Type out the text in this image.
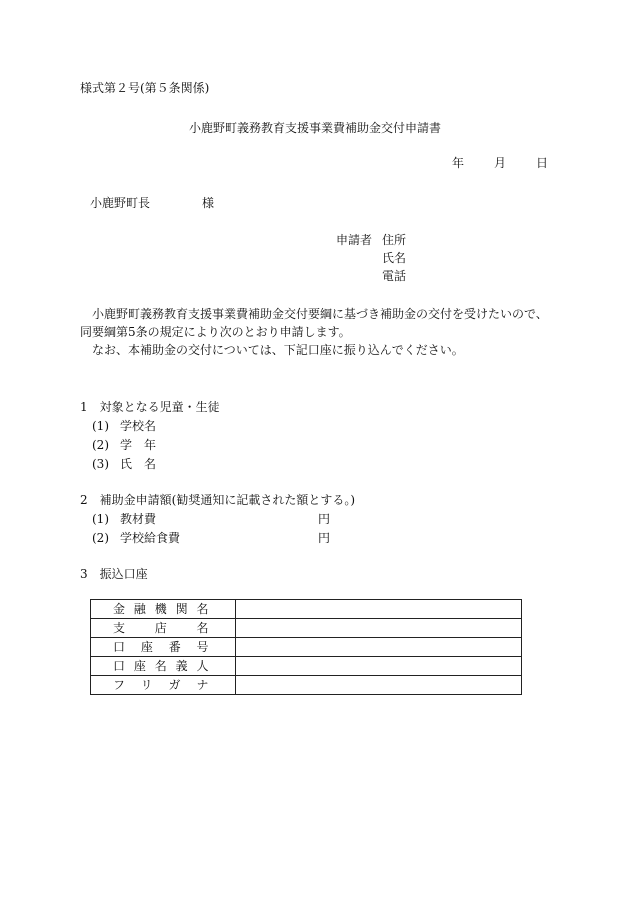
様式第２号(第５条関係)
小鹿野町義務教育支援事業費補助金交付申請書
年	月	日
小鹿野町長	様
申請者 住所
氏名
電話

小鹿野町義務教育支援事業費補助金交付要綱に基づき補助金の交付を受けたいので、同要綱第5条の規定により次のとおり申請します。

なお、本補助金の交付については、下記口座に振り込んでください。

1　対象となる児童・生徒
(1) 学校名
(2) 学　年
(3) 氏　名
2　補助金申請額(勧奨通知に記載された額とする。)
(1) 教材費	円
(2) 学校給食費	円
3　振込口座
金融機関名	
支店名	
口座番号	
口座名義人	
フリガナ	
